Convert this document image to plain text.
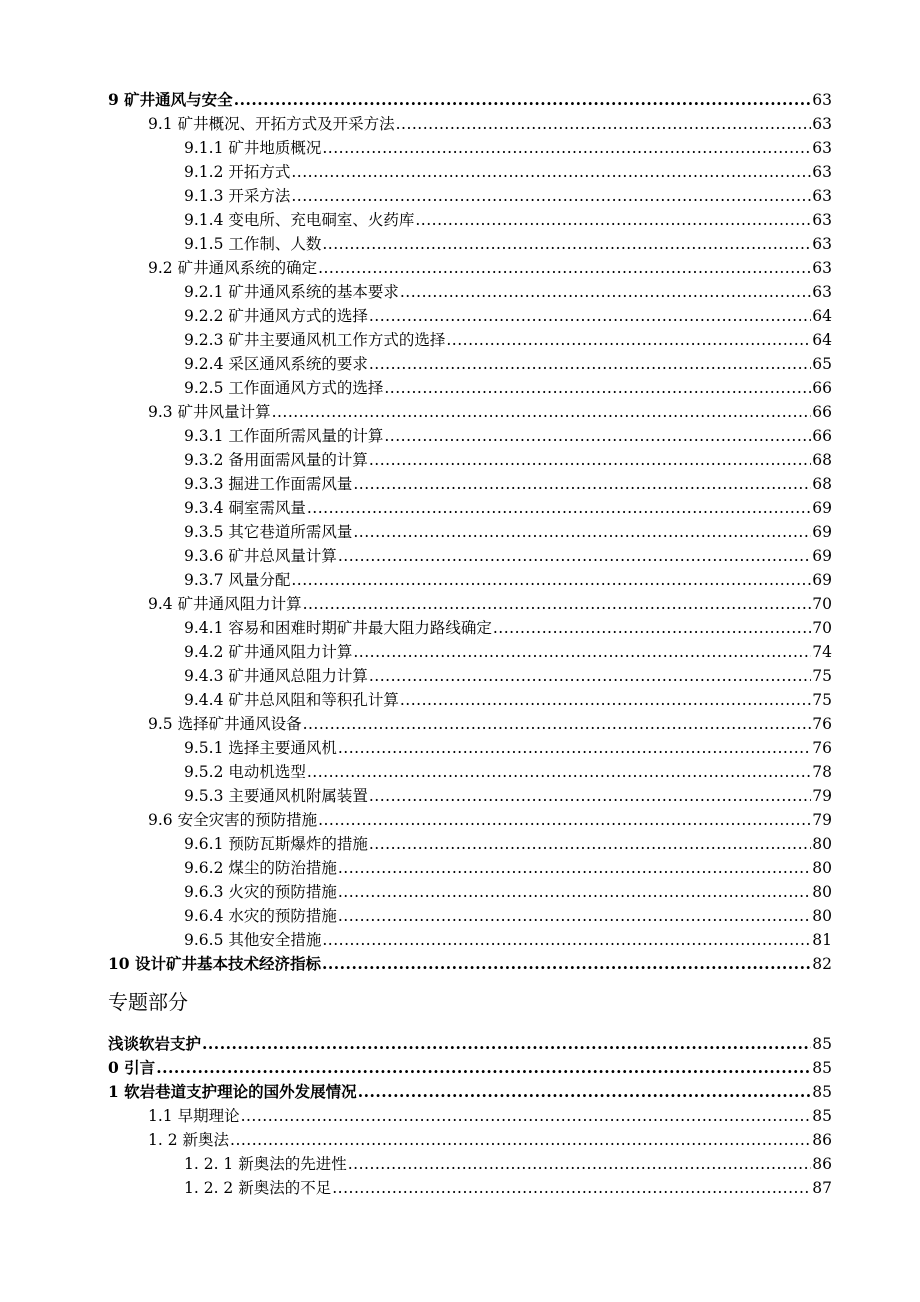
9 矿井通风与安全 .....	63
9.1 矿井概况、开拓方式及开采方法 .....	63
9.1.1 矿井地质概况 .....	63
9.1.2 开拓方式 .....	63
9.1.3 开采方法 .....	63
9.1.4 变电所、充电硐室、火药库 .....	63
9.1.5 工作制、人数 .....	63
9.2 矿井通风系统的确定 .....	63
9.2.1 矿井通风系统的基本要求 .....	63
9.2.2 矿井通风方式的选择 .....	64
9.2.3 矿井主要通风机工作方式的选择 .....	64
9.2.4 采区通风系统的要求 .....	65
9.2.5 工作面通风方式的选择 .....	66
9.3 矿井风量计算 .....	66
9.3.1 工作面所需风量的计算 .....	66
9.3.2 备用面需风量的计算 .....	68
9.3.3 掘进工作面需风量 .....	68
9.3.4 硐室需风量 .....	69
9.3.5 其它巷道所需风量 .....	69
9.3.6 矿井总风量计算 .....	69
9.3.7 风量分配 .....	69
9.4 矿井通风阻力计算 .....	70
9.4.1 容易和困难时期矿井最大阻力路线确定 .....	70
9.4.2 矿井通风阻力计算 .....	74
9.4.3 矿井通风总阻力计算 .....	75
9.4.4 矿井总风阻和等积孔计算 .....	75
9.5 选择矿井通风设备 .....	76
9.5.1 选择主要通风机 .....	76
9.5.2 电动机选型 .....	78
9.5.3 主要通风机附属装置 .....	79
9.6 安全灾害的预防措施 .....	79
9.6.1 预防瓦斯爆炸的措施 .....	80
9.6.2 煤尘的防治措施 .....	80
9.6.3 火灾的预防措施 .....	80
9.6.4 水灾的预防措施 .....	80
9.6.5 其他安全措施 .....	81
10 设计矿井基本技术经济指标 .....	82
专题部分
浅谈软岩支护 .....	85
0 引言 .....	85
1 软岩巷道支护理论的国外发展情况 .....	85
1.1 早期理论 .....	85
1. 2 新奥法 .....	86
1. 2. 1 新奥法的先进性 .....	86
1. 2. 2 新奥法的不足 .....	87
